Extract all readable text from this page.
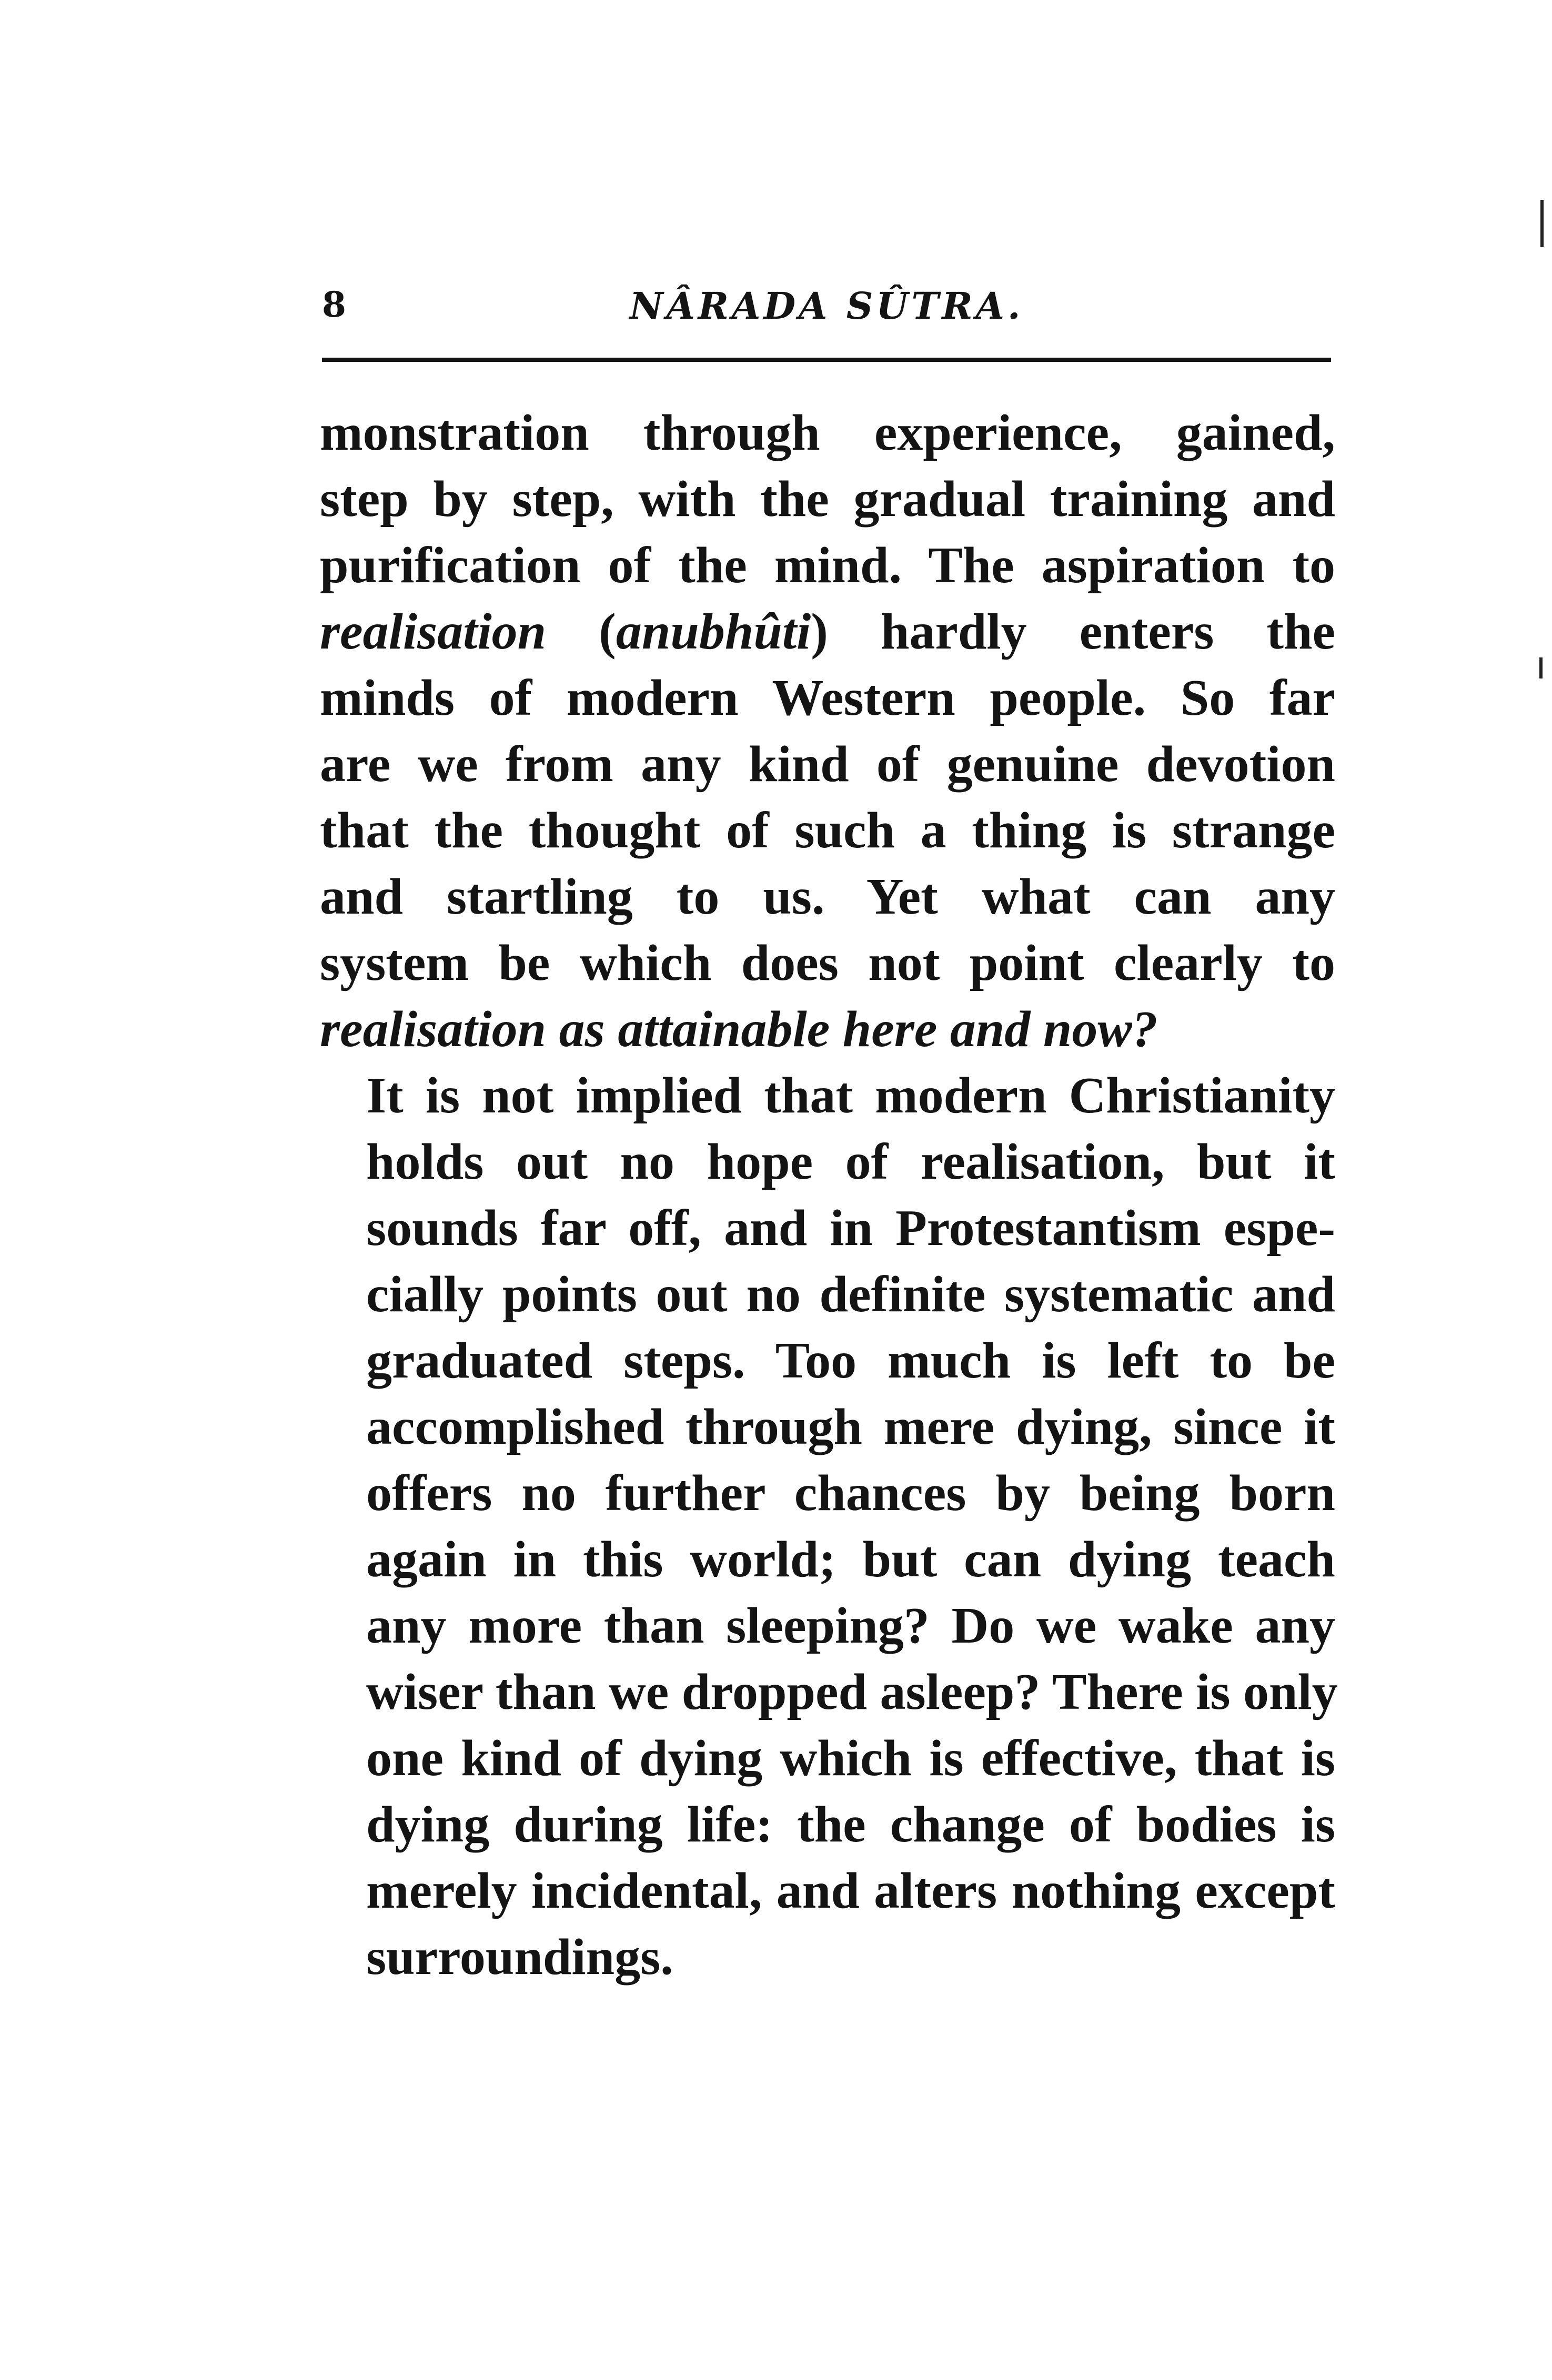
8	NÂRADA SÛTRA.

monstration through experience, gained,
step by step, with the gradual training and
purification of the mind. The aspiration to
realisation (anubhûti) hardly enters the
minds of modern Western people. So far
are we from any kind of genuine devotion
that the thought of such a thing is strange
and startling to us. Yet what can any
system be which does not point clearly to
realisation as attainable here and now?

It is not implied that modern Christianity
holds out no hope of realisation, but it
sounds far off, and in Protestantism espe-
cially points out no definite systematic and
graduated steps. Too much is left to be
accomplished through mere dying, since it
offers no further chances by being born
again in this world; but can dying teach
any more than sleeping? Do we wake any
wiser than we dropped asleep? There is only
one kind of dying which is effective, that is
dying during life: the change of bodies is
merely incidental, and alters nothing except
surroundings.
